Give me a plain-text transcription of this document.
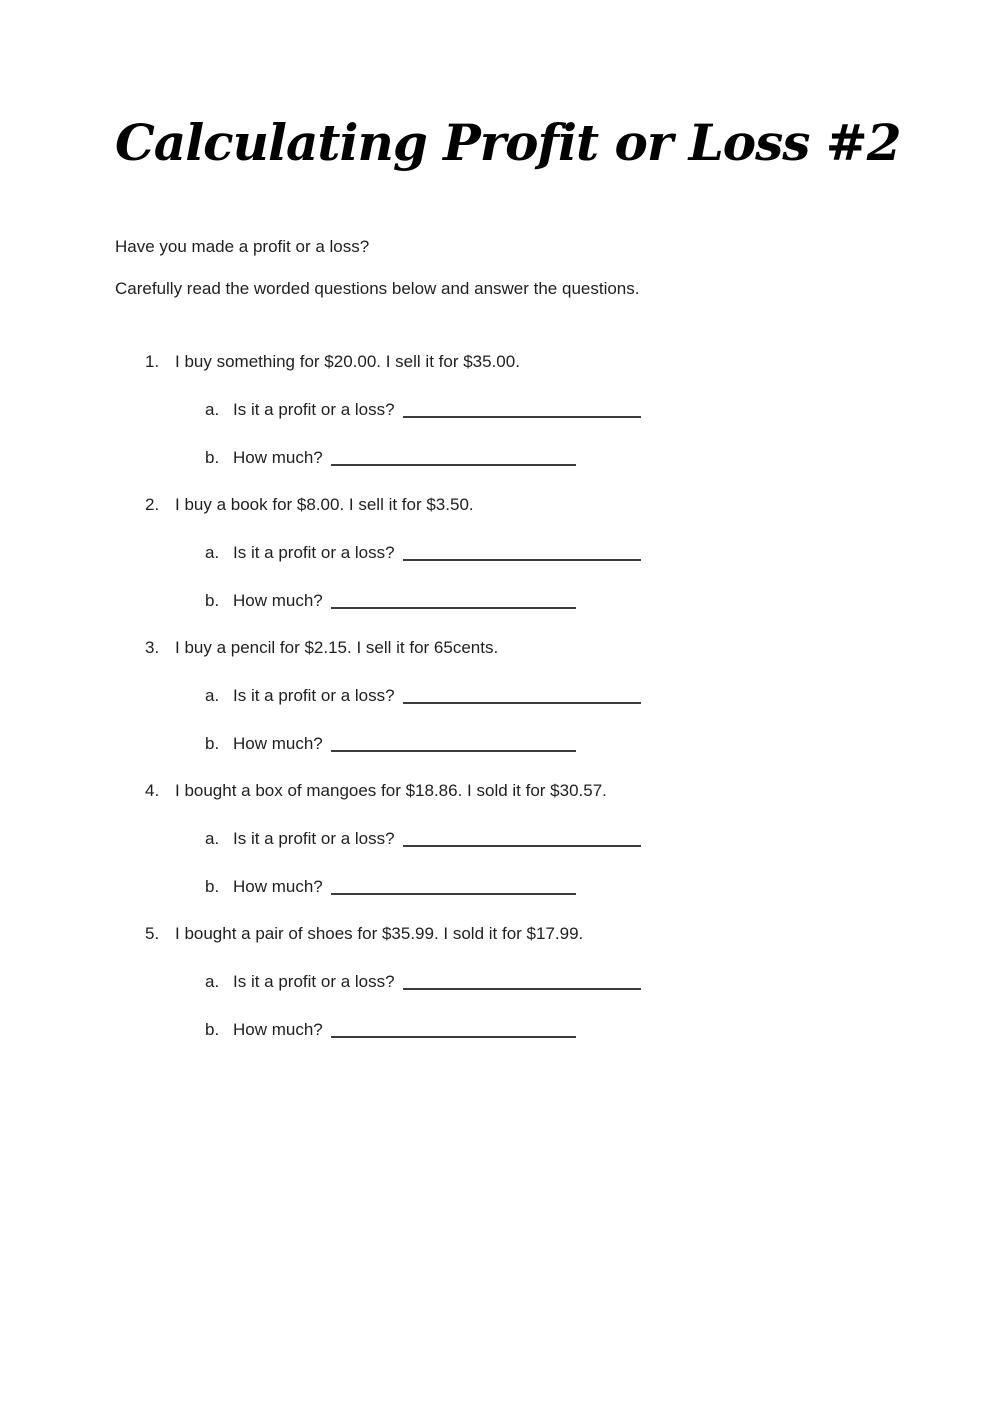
Calculating Profit or Loss #2

Have you made a profit or a loss?

Carefully read the worded questions below and answer the questions.

1. I buy something for $20.00. I sell it for $35.00.
a. Is it a profit or a loss?
b. How much?
2. I buy a book for $8.00. I sell it for $3.50.
a. Is it a profit or a loss?
b. How much?
3. I buy a pencil for $2.15. I sell it for 65cents.
a. Is it a profit or a loss?
b. How much?
4. I bought a box of mangoes for $18.86. I sold it for $30.57.
a. Is it a profit or a loss?
b. How much?
5. I bought a pair of shoes for $35.99. I sold it for $17.99.
a. Is it a profit or a loss?
b. How much?
